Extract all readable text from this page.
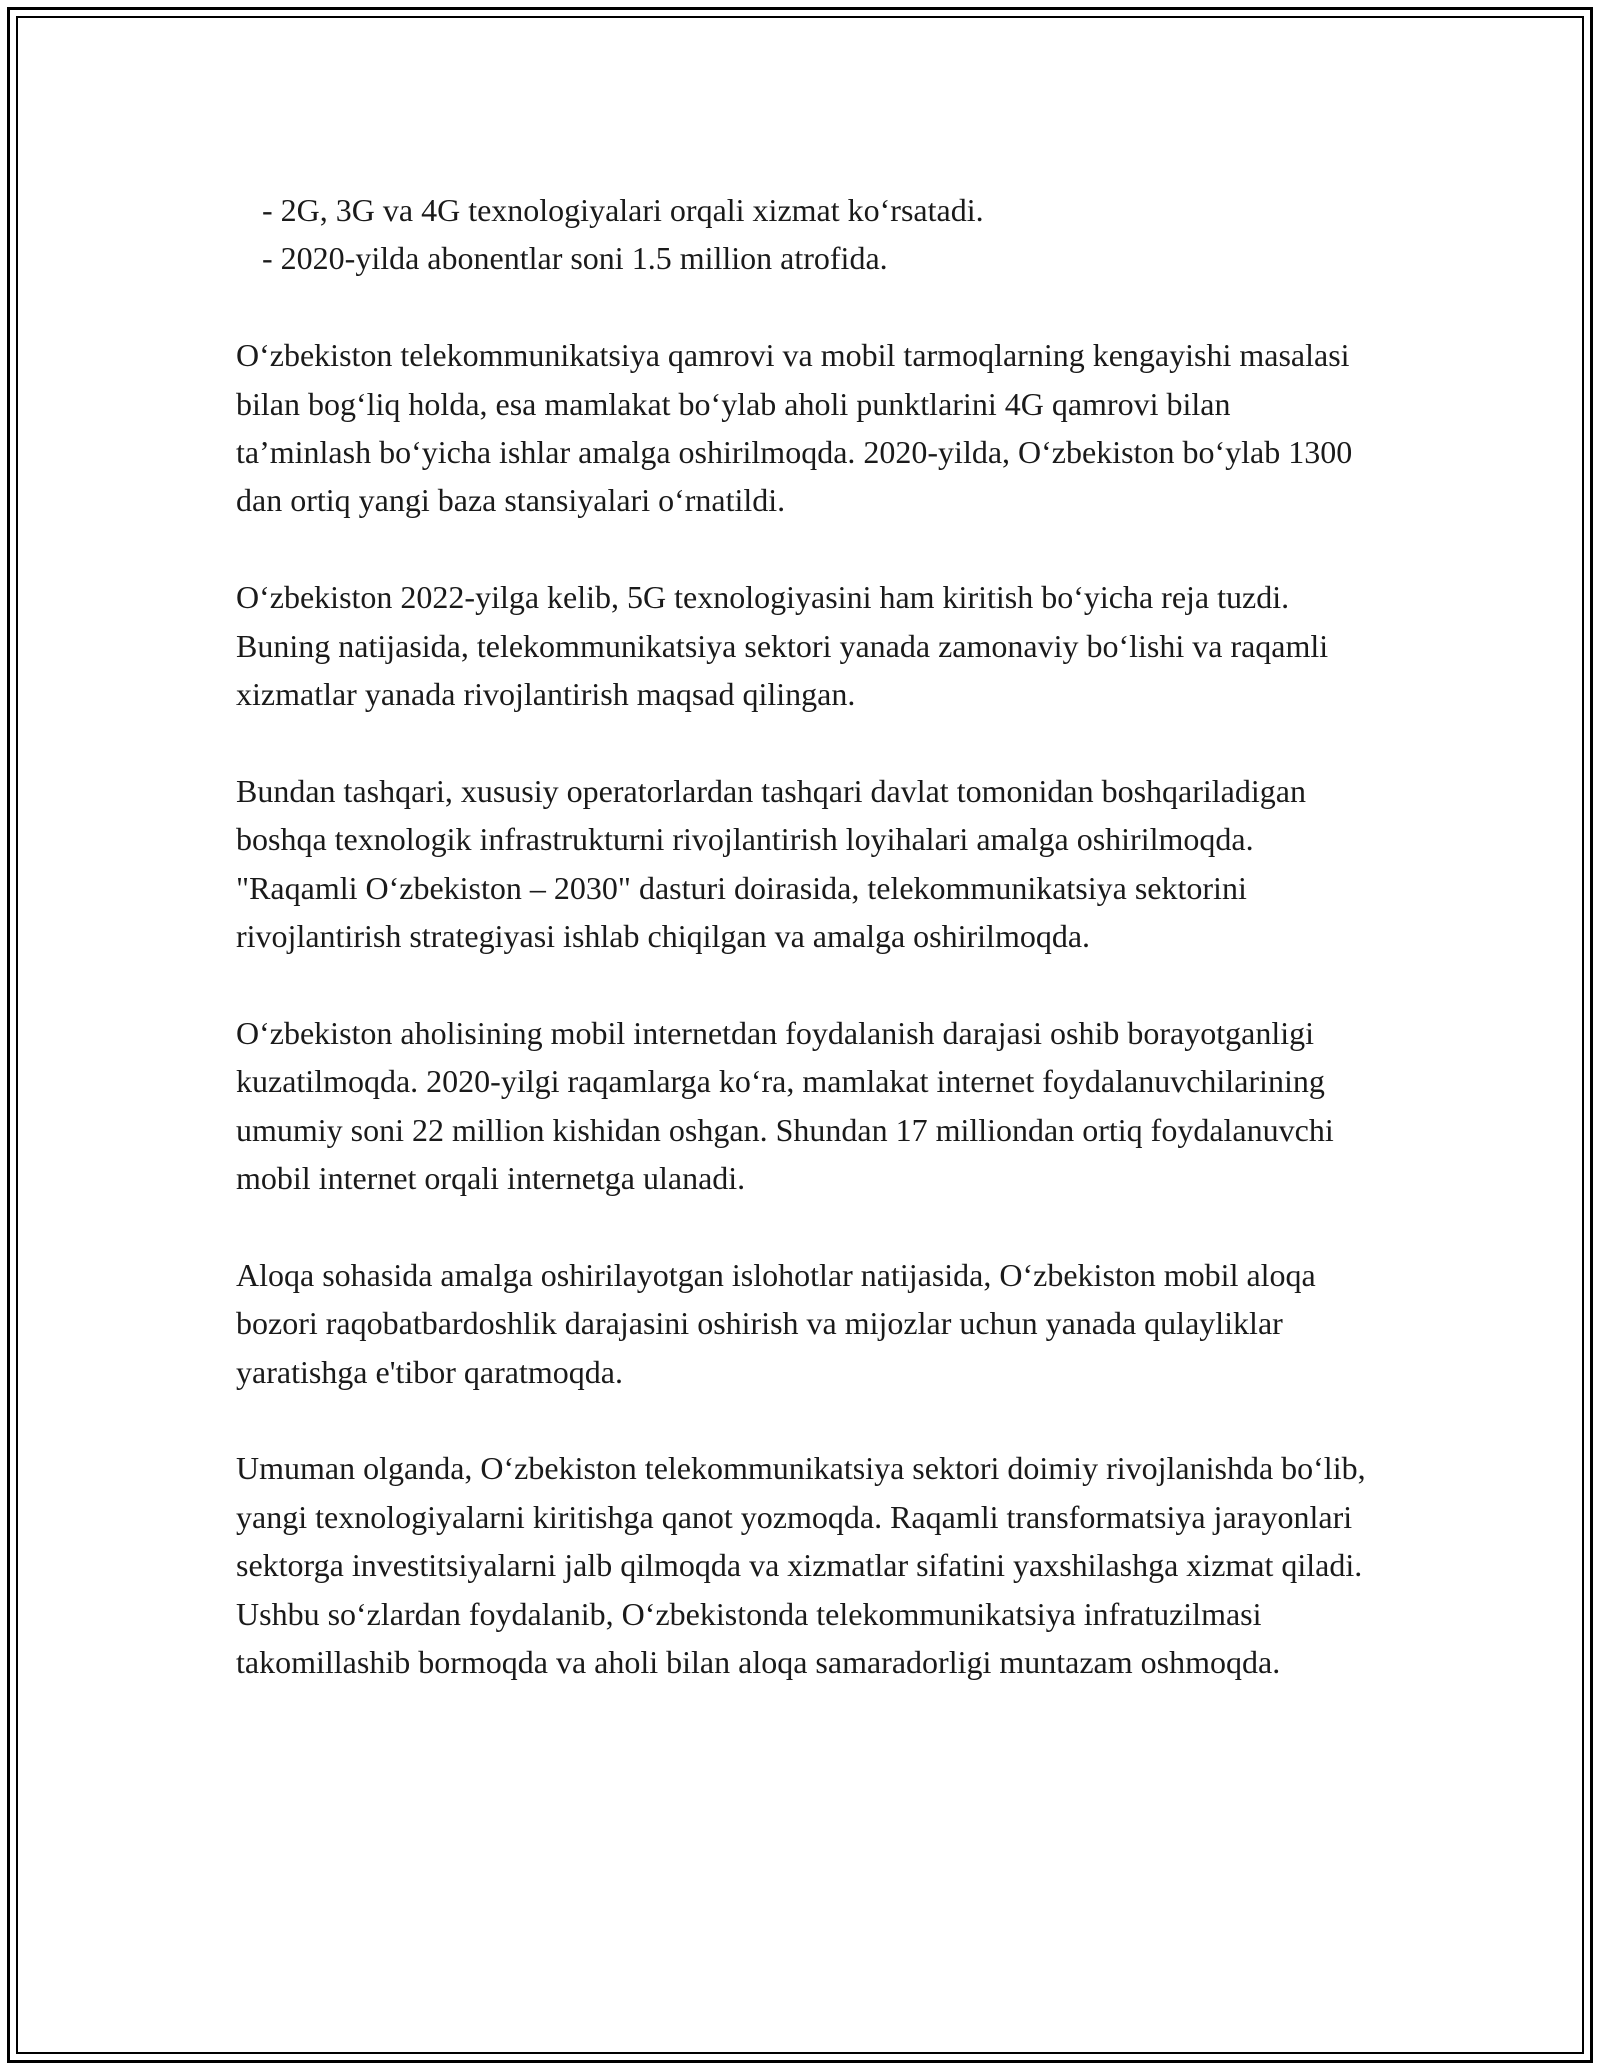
- 2G, 3G va 4G texnologiyalari orqali xizmat ko‘rsatadi.
- 2020-yilda abonentlar soni 1.5 million atrofida.

O‘zbekiston telekommunikatsiya qamrovi va mobil tarmoqlarning kengayishi masalasi bilan bog‘liq holda, esa mamlakat bo‘ylab aholi punktlarini 4G qamrovi bilan ta’minlash bo‘yicha ishlar amalga oshirilmoqda. 2020-yilda, O‘zbekiston bo‘ylab 1300 dan ortiq yangi baza stansiyalari o‘rnatildi.

O‘zbekiston 2022-yilga kelib, 5G texnologiyasini ham kiritish bo‘yicha reja tuzdi. Buning natijasida, telekommunikatsiya sektori yanada zamonaviy bo‘lishi va raqamli xizmatlar yanada rivojlantirish maqsad qilingan.

Bundan tashqari, xususiy operatorlardan tashqari davlat tomonidan boshqariladigan boshqa texnologik infrastrukturni rivojlantirish loyihalari amalga oshirilmoqda. "Raqamli O‘zbekiston – 2030" dasturi doirasida, telekommunikatsiya sektorini rivojlantirish strategiyasi ishlab chiqilgan va amalga oshirilmoqda.

O‘zbekiston aholisining mobil internetdan foydalanish darajasi oshib borayotganligi kuzatilmoqda. 2020-yilgi raqamlarga ko‘ra, mamlakat internet foydalanuvchilarining umumiy soni 22 million kishidan oshgan. Shundan 17 milliondan ortiq foydalanuvchi mobil internet orqali internetga ulanadi.

Aloqa sohasida amalga oshirilayotgan islohotlar natijasida, O‘zbekiston mobil aloqa bozori raqobatbardoshlik darajasini oshirish va mijozlar uchun yanada qulayliklar yaratishga e'tibor qaratmoqda.

Umuman olganda, O‘zbekiston telekommunikatsiya sektori doimiy rivojlanishda bo‘lib, yangi texnologiyalarni kiritishga qanot yozmoqda. Raqamli transformatsiya jarayonlari sektorga investitsiyalarni jalb qilmoqda va xizmatlar sifatini yaxshilashga xizmat qiladi. Ushbu so‘zlardan foydalanib, O‘zbekistonda telekommunikatsiya infratuzilmasi takomillashib bormoqda va aholi bilan aloqa samaradorligi muntazam oshmoqda.
